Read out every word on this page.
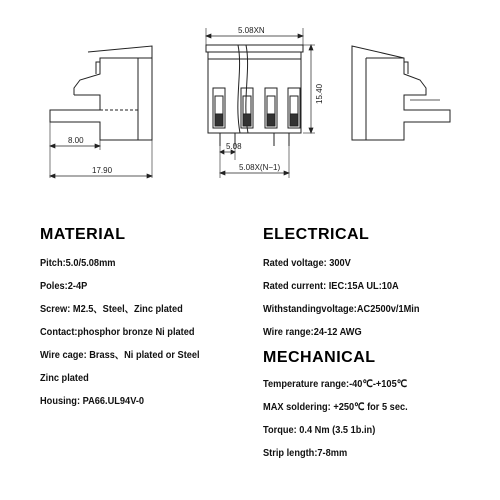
8.00
17.90
5.08XN
15.40
5.08
5.08X(N−1)
MATERIAL
Pitch:5.0/5.08mm
Poles:2-4P
Screw: M2.5、Steel、Zinc plated
Contact:phosphor bronze Ni plated
Wire cage: Brass、Ni plated or Steel
Zinc plated
Housing: PA66.UL94V-0
ELECTRICAL
Rated voltage: 300V
Rated current: IEC:15A UL:10A
Withstandingvoltage:AC2500v/1Min
Wire range:24-12 AWG
MECHANICAL
Temperature range:-40℃-+105℃
MAX soldering: +250℃ for 5 sec.
Torque: 0.4 Nm (3.5 1b.in)
Strip length:7-8mm
